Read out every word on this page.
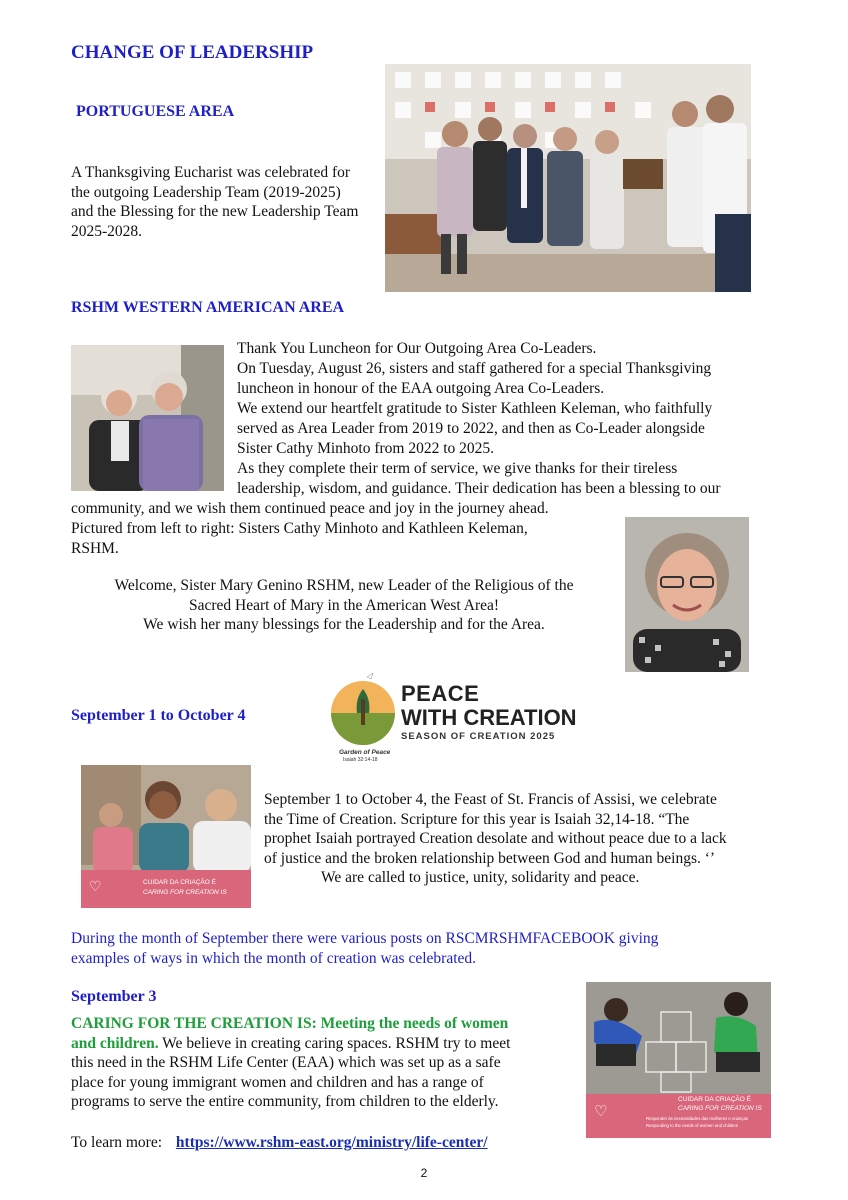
CHANGE OF LEADERSHIP
PORTUGUESE AREA
A Thanksgiving Eucharist was celebrated for the outgoing Leadership Team (2019-2025) and the Blessing for the new Leadership Team 2025-2028.
RSHM WESTERN AMERICAN AREA
Thank You Luncheon for Our Outgoing Area Co-Leaders.
On Tuesday, August 26, sisters and staff gathered for a special Thanksgiving
luncheon in honour of the EAA outgoing Area Co-Leaders.
We extend our heartfelt gratitude to Sister Kathleen Keleman, who faithfully
served as Area Leader from 2019 to 2022, and then as Co-Leader alongside
Sister Cathy Minhoto from 2022 to 2025.
As they complete their term of service, we give thanks for their tireless
leadership, wisdom, and guidance. Their dedication has been a blessing to our
community, and we wish them continued peace and joy in the journey ahead.
Pictured from left to right: Sisters Cathy Minhoto and Kathleen Keleman,
RSHM.
Welcome, Sister Mary Genino RSHM, new Leader of the Religious of the
Sacred Heart of Mary in the American West Area!
We wish her many blessings for the Leadership and for the Area.
September 1 to October 4
PEACE
WITH CREATION
SEASON OF CREATION 2025
Garden of Peace
Isaiah 32:14-18
CUIDAR DA CRIAÇÃO É
CARING FOR CREATION IS
♡
September 1 to October 4, the Feast of St. Francis of Assisi, we celebrate
the Time of Creation. Scripture for this year is Isaiah 32,14-18. “The
prophet Isaiah portrayed Creation desolate and without peace due to a lack
of justice and the broken relationship between God and human beings. ‘’
We are called to justice, unity, solidarity and peace.
During the month of September there were various posts on RSCMRSHMFACEBOOK giving
examples of ways in which the month of creation was celebrated.
September 3
CARING FOR THE CREATION IS: Meeting the needs of women
and children. We believe in creating caring spaces. RSHM try to meet
this need in the RSHM Life Center (EAA) which was set up as a safe
place for young immigrant women and children and has a range of
programs to serve the entire community, from children to the elderly.
To learn more: https://www.rshm-east.org/ministry/life-center/
CUIDAR DA CRIAÇÃO É
CARING FOR CREATION IS
Responder às necessidades das mulheres e crianças
Responding to the needs of women and children
♡
2
